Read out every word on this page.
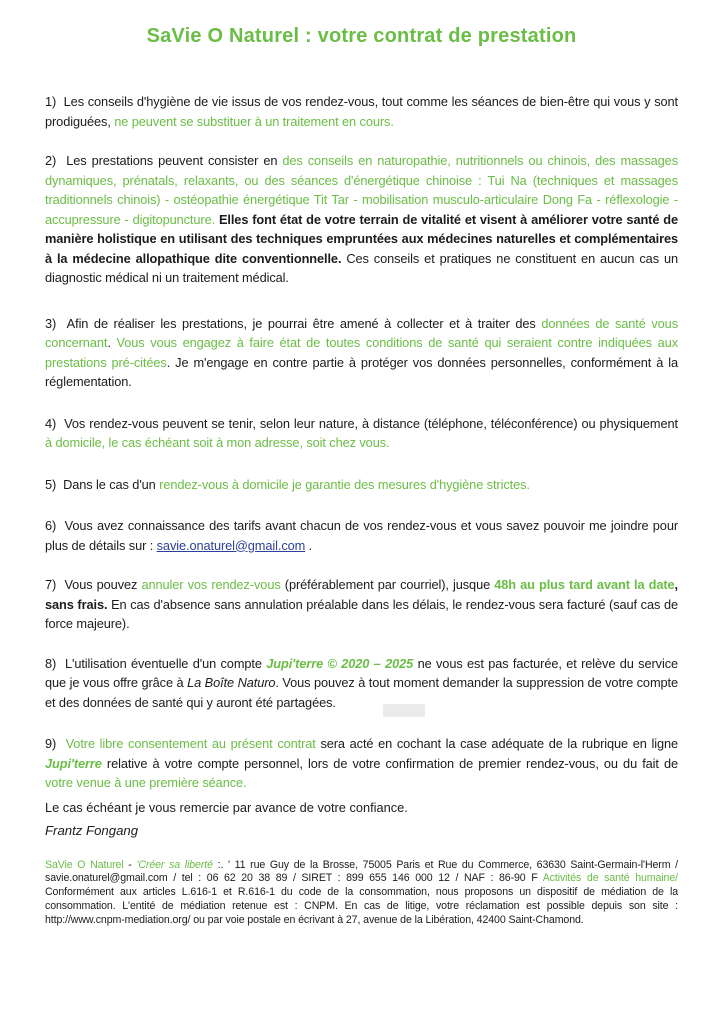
SaVie O Naturel : votre contrat de prestation

1)  Les conseils d'hygiène de vie issus de vos rendez-vous, tout comme les séances de bien-être qui vous y sont prodiguées, ne peuvent se substituer à un traitement en cours.

2)  Les prestations peuvent consister en des conseils en naturopathie, nutritionnels ou chinois, des massages dynamiques, prénatals, relaxants, ou des séances d'énergétique chinoise : Tui Na (techniques et massages traditionnels chinois) - ostéopathie énergétique Tit Tar - mobilisation musculo-articulaire Dong Fa - réflexologie - accupressure - digitopuncture. Elles font état de votre terrain de vitalité et visent à améliorer votre santé de manière holistique en utilisant des techniques empruntées aux médecines naturelles et complémentaires à la médecine allopathique dite conventionnelle. Ces conseils et pratiques ne constituent en aucun cas un diagnostic médical ni un traitement médical.

3)  Afin de réaliser les prestations, je pourrai être amené à collecter et à traiter des données de santé vous concernant. Vous vous engagez à faire état de toutes conditions de santé qui seraient contre indiquées aux prestations pré-citées. Je m'engage en contre partie à protéger vos données personnelles, conformément à la réglementation.

4)  Vos rendez-vous peuvent se tenir, selon leur nature, à distance (téléphone, téléconférence) ou physiquement à domicile, le cas échéant soit à mon adresse, soit chez vous.

5)  Dans le cas d'un rendez-vous à domicile je garantie des mesures d'hygiène strictes.

6)  Vous avez connaissance des tarifs avant chacun de vos rendez-vous et vous savez pouvoir me joindre pour plus de détails sur : savie.onaturel@gmail.com .

7)  Vous pouvez annuler vos rendez-vous (préférablement par courriel), jusque 48h au plus tard avant la date, sans frais. En cas d'absence sans annulation préalable dans les délais, le rendez-vous sera facturé (sauf cas de force majeure).

8)  L'utilisation éventuelle d'un compte Jupi'terre © 2020 – 2025 ne vous est pas facturée, et relève du service que je vous offre grâce à La Boîte Naturo. Vous pouvez à tout moment demander la suppression de votre compte et des données de santé qui y auront été partagées.

9)  Votre libre consentement au présent contrat sera acté en cochant la case adéquate de la rubrique en ligne Jupi'terre relative à votre compte personnel, lors de votre confirmation de premier rendez-vous, ou du fait de votre venue à une première séance.

Le cas échéant je vous remercie par avance de votre confiance.

Frantz Fongang

SaVie O Naturel - 'Créer sa liberté :. ' 11 rue Guy de la Brosse, 75005 Paris et Rue du Commerce, 63630 Saint-Germain-l'Herm / savie.onaturel@gmail.com / tel : 06 62 20 38 89 / SIRET : 899 655 146 000 12 / NAF : 86-90 F Activités de santé humaine/ Conformément aux articles L.616-1 et R.616-1 du code de la consommation, nous proposons un dispositif de médiation de la consommation. L'entité de médiation retenue est : CNPM. En cas de litige, votre réclamation est possible depuis son site : http://www.cnpm-mediation.org/ ou par voie postale en écrivant à 27, avenue de la Libération, 42400 Saint-Chamond.
